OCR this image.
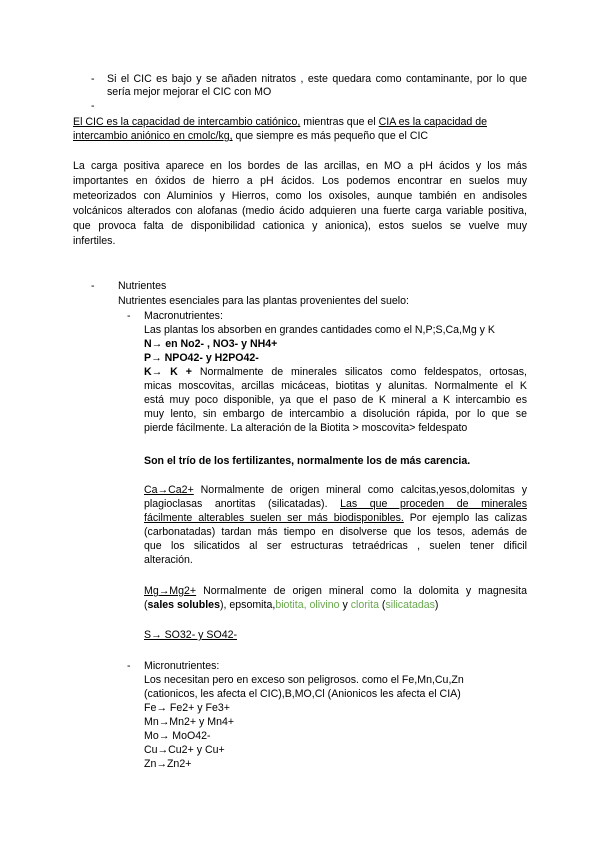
- Si el CIC es bajo y se añaden nitratos , este quedara como contaminante, por lo que
sería mejor mejorar el CIC con MO
-
El CIC es la capacidad de intercambio catiónico, mientras que el CIA es la capacidad de
intercambio aniónico en cmolc/kg, que siempre es más pequeño que el CIC
La carga positiva aparece en los bordes de las arcillas, en MO a pH ácidos y los más
importantes en óxidos de hierro a pH ácidos. Los podemos encontrar en suelos muy
meteorizados con Aluminios y Hierros, como los oxisoles, aunque también en andisoles
volcánicos alterados con alofanas (medio ácido adquieren una fuerte carga variable positiva,
que provoca falta de disponibilidad cationica y anionica), estos suelos se vuelve muy
infertiles.
- Nutrientes
Nutrientes esenciales para las plantas provenientes del suelo:
- Macronutrientes:
Las plantas los absorben en grandes cantidades como el N,P;S,Ca,Mg y K
N→ en No2- , NO3- y NH4+
P→ NPO42- y H2PO42-
K→ K + Normalmente de minerales silicatos como feldespatos, ortosas,
micas moscovitas, arcillas micáceas, biotitas y alunitas. Normalmente el K
está muy poco disponible, ya que el paso de K mineral a K intercambio es
muy lento, sin embargo de intercambio a disolución rápida, por lo que se
pierde fácilmente. La alteración de la Biotita > moscovita> feldespato
Son el trío de los fertilizantes, normalmente los de más carencia.
Ca→Ca2+ Normalmente de origen mineral como calcitas,yesos,dolomitas y
plagioclasas anortitas (silicatadas). Las que proceden de minerales
fácilmente alterables suelen ser más biodisponibles. Por ejemplo las calizas
(carbonatadas) tardan más tiempo en disolverse que los tesos, además de
que los silicatidos al ser estructuras tetraédricas , suelen tener dificil
alteración.
Mg→Mg2+ Normalmente de origen mineral como la dolomita y magnesita
(sales solubles), epsomita,biotita, olivino y clorita (silicatadas)
S→ SO32- y SO42-
- Micronutrientes:
Los necesitan pero en exceso son peligrosos. como el Fe,Mn,Cu,Zn
(cationicos, les afecta el CIC),B,MO,Cl (Anionicos les afecta el CIA)
Fe→ Fe2+ y Fe3+
Mn→Mn2+ y Mn4+
Mo→ MoO42-
Cu→Cu2+ y Cu+
Zn→Zn2+
